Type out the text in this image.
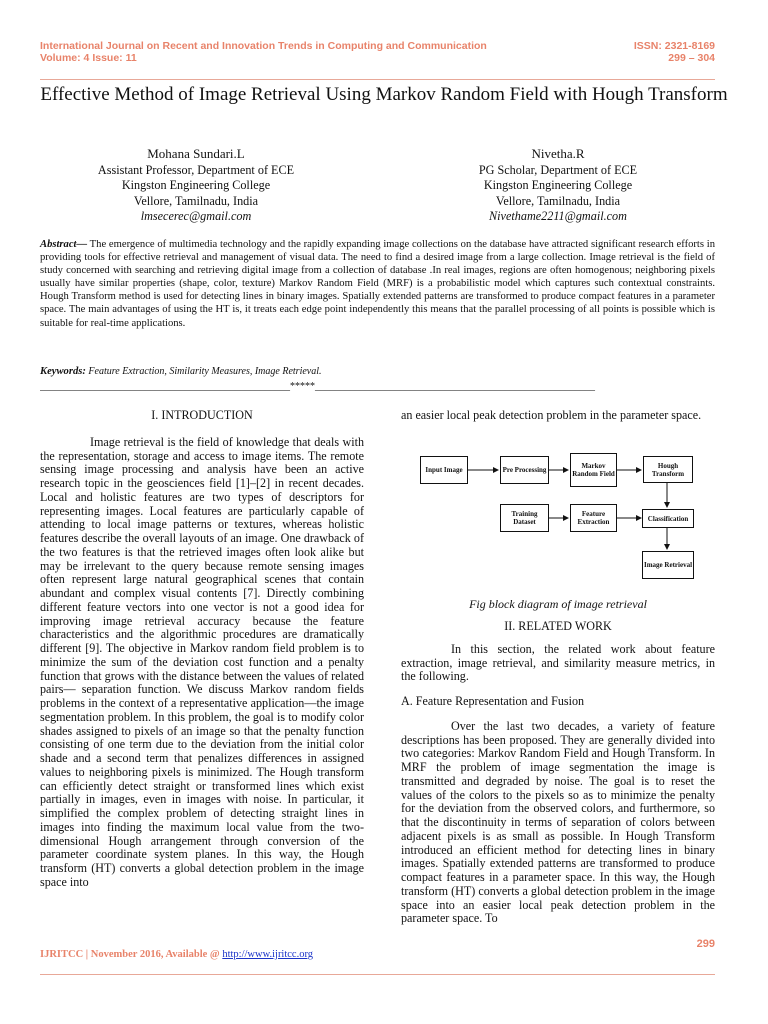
International Journal on Recent and Innovation Trends in Computing and Communication
Volume: 4 Issue: 11
ISSN: 2321-8169
299 – 304
Effective Method of Image Retrieval Using Markov Random Field with Hough Transform
Mohana Sundari.L
Assistant Professor, Department of ECE
Kingston Engineering College
Vellore, Tamilnadu, India
lmsecerec@gmail.com
Nivetha.R
PG Scholar, Department of ECE
Kingston Engineering College
Vellore, Tamilnadu, India
Nivethame2211@gmail.com
Abstract— The emergence of multimedia technology and the rapidly expanding image collections on the database have attracted significant research efforts in providing tools for effective retrieval and management of visual data. The need to find a desired image from a large collection. Image retrieval is the field of study concerned with searching and retrieving digital image from a collection of database .In real images, regions are often homogenous; neighboring pixels usually have similar properties (shape, color, texture) Markov Random Field (MRF) is a probabilistic model which captures such contextual constraints. Hough Transform method is used for detecting lines in binary images. Spatially extended patterns are transformed to produce compact features in a parameter space. The main advantages of using the HT is, it treats each edge point independently this means that the parallel processing of all points is possible which is suitable for real-time applications.
Keywords: Feature Extraction, Similarity Measures, Image Retrieval.
__________________________________________________*****________________________________________________________
I. INTRODUCTION
Image retrieval is the field of knowledge that deals with the representation, storage and access to image items. The remote sensing image processing and analysis have been an active research topic in the geosciences field [1]–[2] in recent decades. Local and holistic features are two types of descriptors for representing images. Local features are particularly capable of attending to local image patterns or textures, whereas holistic features describe the overall layouts of an image. One drawback of the two features is that the retrieved images often look alike but may be irrelevant to the query because remote sensing images often represent large natural geographical scenes that contain abundant and complex visual contents [7]. Directly combining different feature vectors into one vector is not a good idea for improving image retrieval accuracy because the feature characteristics and the algorithmic procedures are dramatically different [9]. The objective in Markov random field problem is to minimize the sum of the deviation cost function and a penalty function that grows with the distance between the values of related pairs— separation function. We discuss Markov random fields problems in the context of a representative application—the image segmentation problem. In this problem, the goal is to modify color shades assigned to pixels of an image so that the penalty function consisting of one term due to the deviation from the initial color shade and a second term that penalizes differences in assigned values to neighboring pixels is minimized. The Hough transform can efficiently detect straight or transformed lines which exist partially in images, even in images with noise. In particular, it simplified the complex problem of detecting straight lines in images into finding the maximum local value from the two-dimensional Hough arrangement through conversion of the parameter coordinate system planes. In this way, the Hough transform (HT) converts a global detection problem in the image space into
an easier local peak detection problem in the parameter space.
Input Image	Pre Processing	Markov Random Field
Hough Transform
Training Dataset
Feature Extraction	Classification
Image Retrieval
Fig block diagram of image retrieval
II. RELATED WORK
In this section, the related work about feature extraction, image retrieval, and similarity measure metrics, in the following.
A. Feature Representation and Fusion
Over the last two decades, a variety of feature descriptions has been proposed. They are generally divided into two categories: Markov Random Field and Hough Transform. In MRF the problem of image segmentation the image is transmitted and degraded by noise. The goal is to reset the values of the colors to the pixels so as to minimize the penalty for the deviation from the observed colors, and furthermore, so that the discontinuity in terms of separation of colors between adjacent pixels is as small as possible. In Hough Transform introduced an efficient method for detecting lines in binary images. Spatially extended patterns are transformed to produce compact features in a parameter space. In this way, the Hough transform (HT) converts a global detection problem in the image space into an easier local peak detection problem in the parameter space. To
299
IJRITCC | November 2016, Available @ http://www.ijritcc.org
